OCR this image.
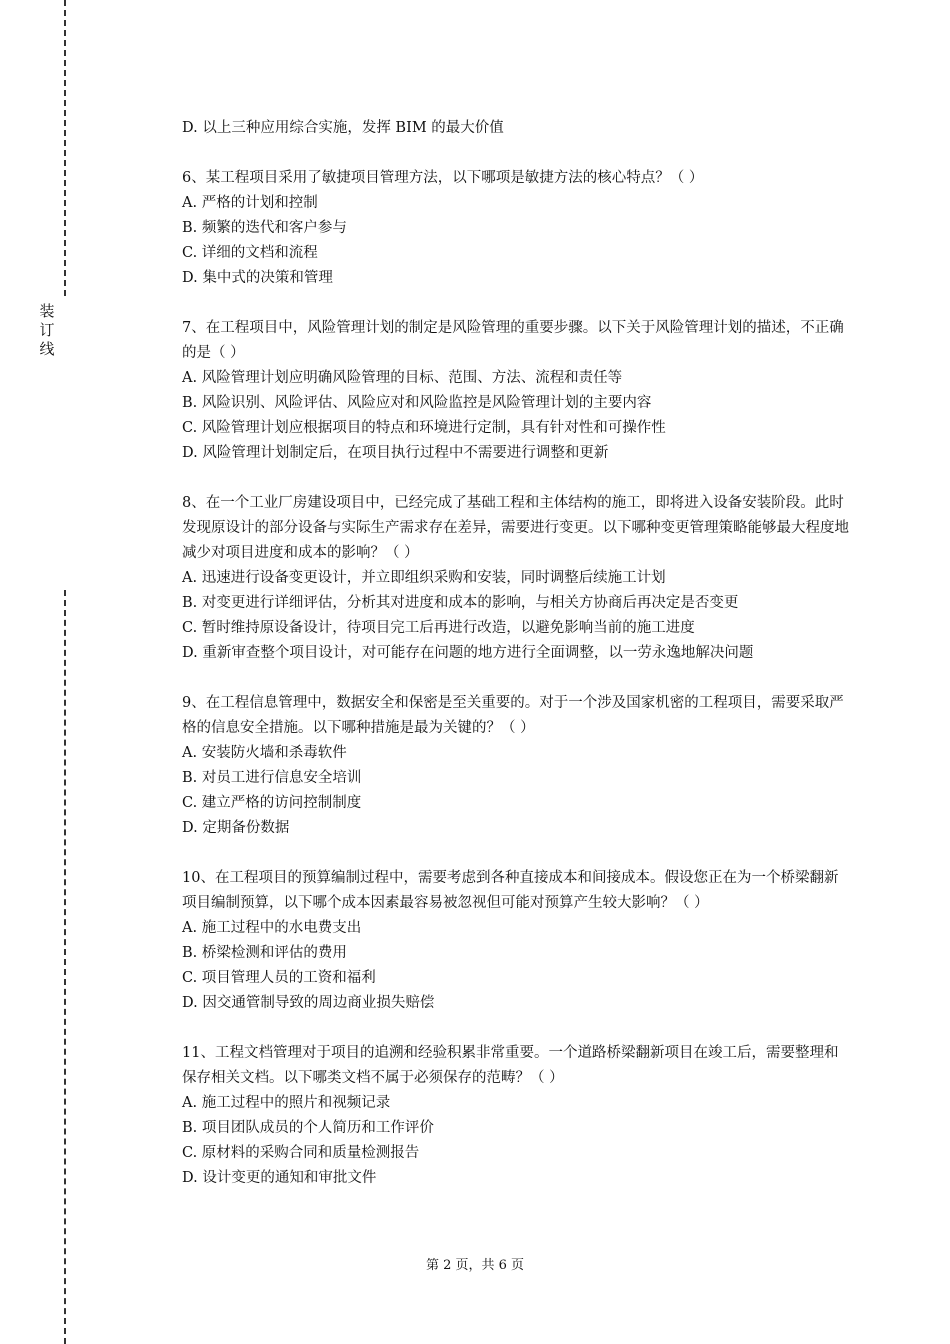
装
订
线

D. 以上三种应用综合实施，发挥 BIM 的最大价值

6、某工程项目采用了敏捷项目管理方法，以下哪项是敏捷方法的核心特点？（ ）

A. 严格的计划和控制

B. 频繁的迭代和客户参与

C. 详细的文档和流程

D. 集中式的决策和管理

7、在工程项目中，风险管理计划的制定是风险管理的重要步骤。以下关于风险管理计划的描述，不正确的是（ ）

A. 风险管理计划应明确风险管理的目标、范围、方法、流程和责任等

B. 风险识别、风险评估、风险应对和风险监控是风险管理计划的主要内容

C. 风险管理计划应根据项目的特点和环境进行定制，具有针对性和可操作性

D. 风险管理计划制定后，在项目执行过程中不需要进行调整和更新

8、在一个工业厂房建设项目中，已经完成了基础工程和主体结构的施工，即将进入设备安装阶段。此时发现原设计的部分设备与实际生产需求存在差异，需要进行变更。以下哪种变更管理策略能够最大程度地减少对项目进度和成本的影响？（ ）

A. 迅速进行设备变更设计，并立即组织采购和安装，同时调整后续施工计划

B. 对变更进行详细评估，分析其对进度和成本的影响，与相关方协商后再决定是否变更

C. 暂时维持原设备设计，待项目完工后再进行改造，以避免影响当前的施工进度

D. 重新审查整个项目设计，对可能存在问题的地方进行全面调整，以一劳永逸地解决问题

9、在工程信息管理中，数据安全和保密是至关重要的。对于一个涉及国家机密的工程项目，需要采取严格的信息安全措施。以下哪种措施是最为关键的？（ ）

A. 安装防火墙和杀毒软件

B. 对员工进行信息安全培训

C. 建立严格的访问控制制度

D. 定期备份数据

10、在工程项目的预算编制过程中，需要考虑到各种直接成本和间接成本。假设您正在为一个桥梁翻新项目编制预算，以下哪个成本因素最容易被忽视但可能对预算产生较大影响？（ ）

A. 施工过程中的水电费支出

B. 桥梁检测和评估的费用

C. 项目管理人员的工资和福利

D. 因交通管制导致的周边商业损失赔偿

11、工程文档管理对于项目的追溯和经验积累非常重要。一个道路桥梁翻新项目在竣工后，需要整理和保存相关文档。以下哪类文档不属于必须保存的范畴？（ ）

A. 施工过程中的照片和视频记录

B. 项目团队成员的个人简历和工作评价

C. 原材料的采购合同和质量检测报告

D. 设计变更的通知和审批文件

第 2 页，共 6 页
